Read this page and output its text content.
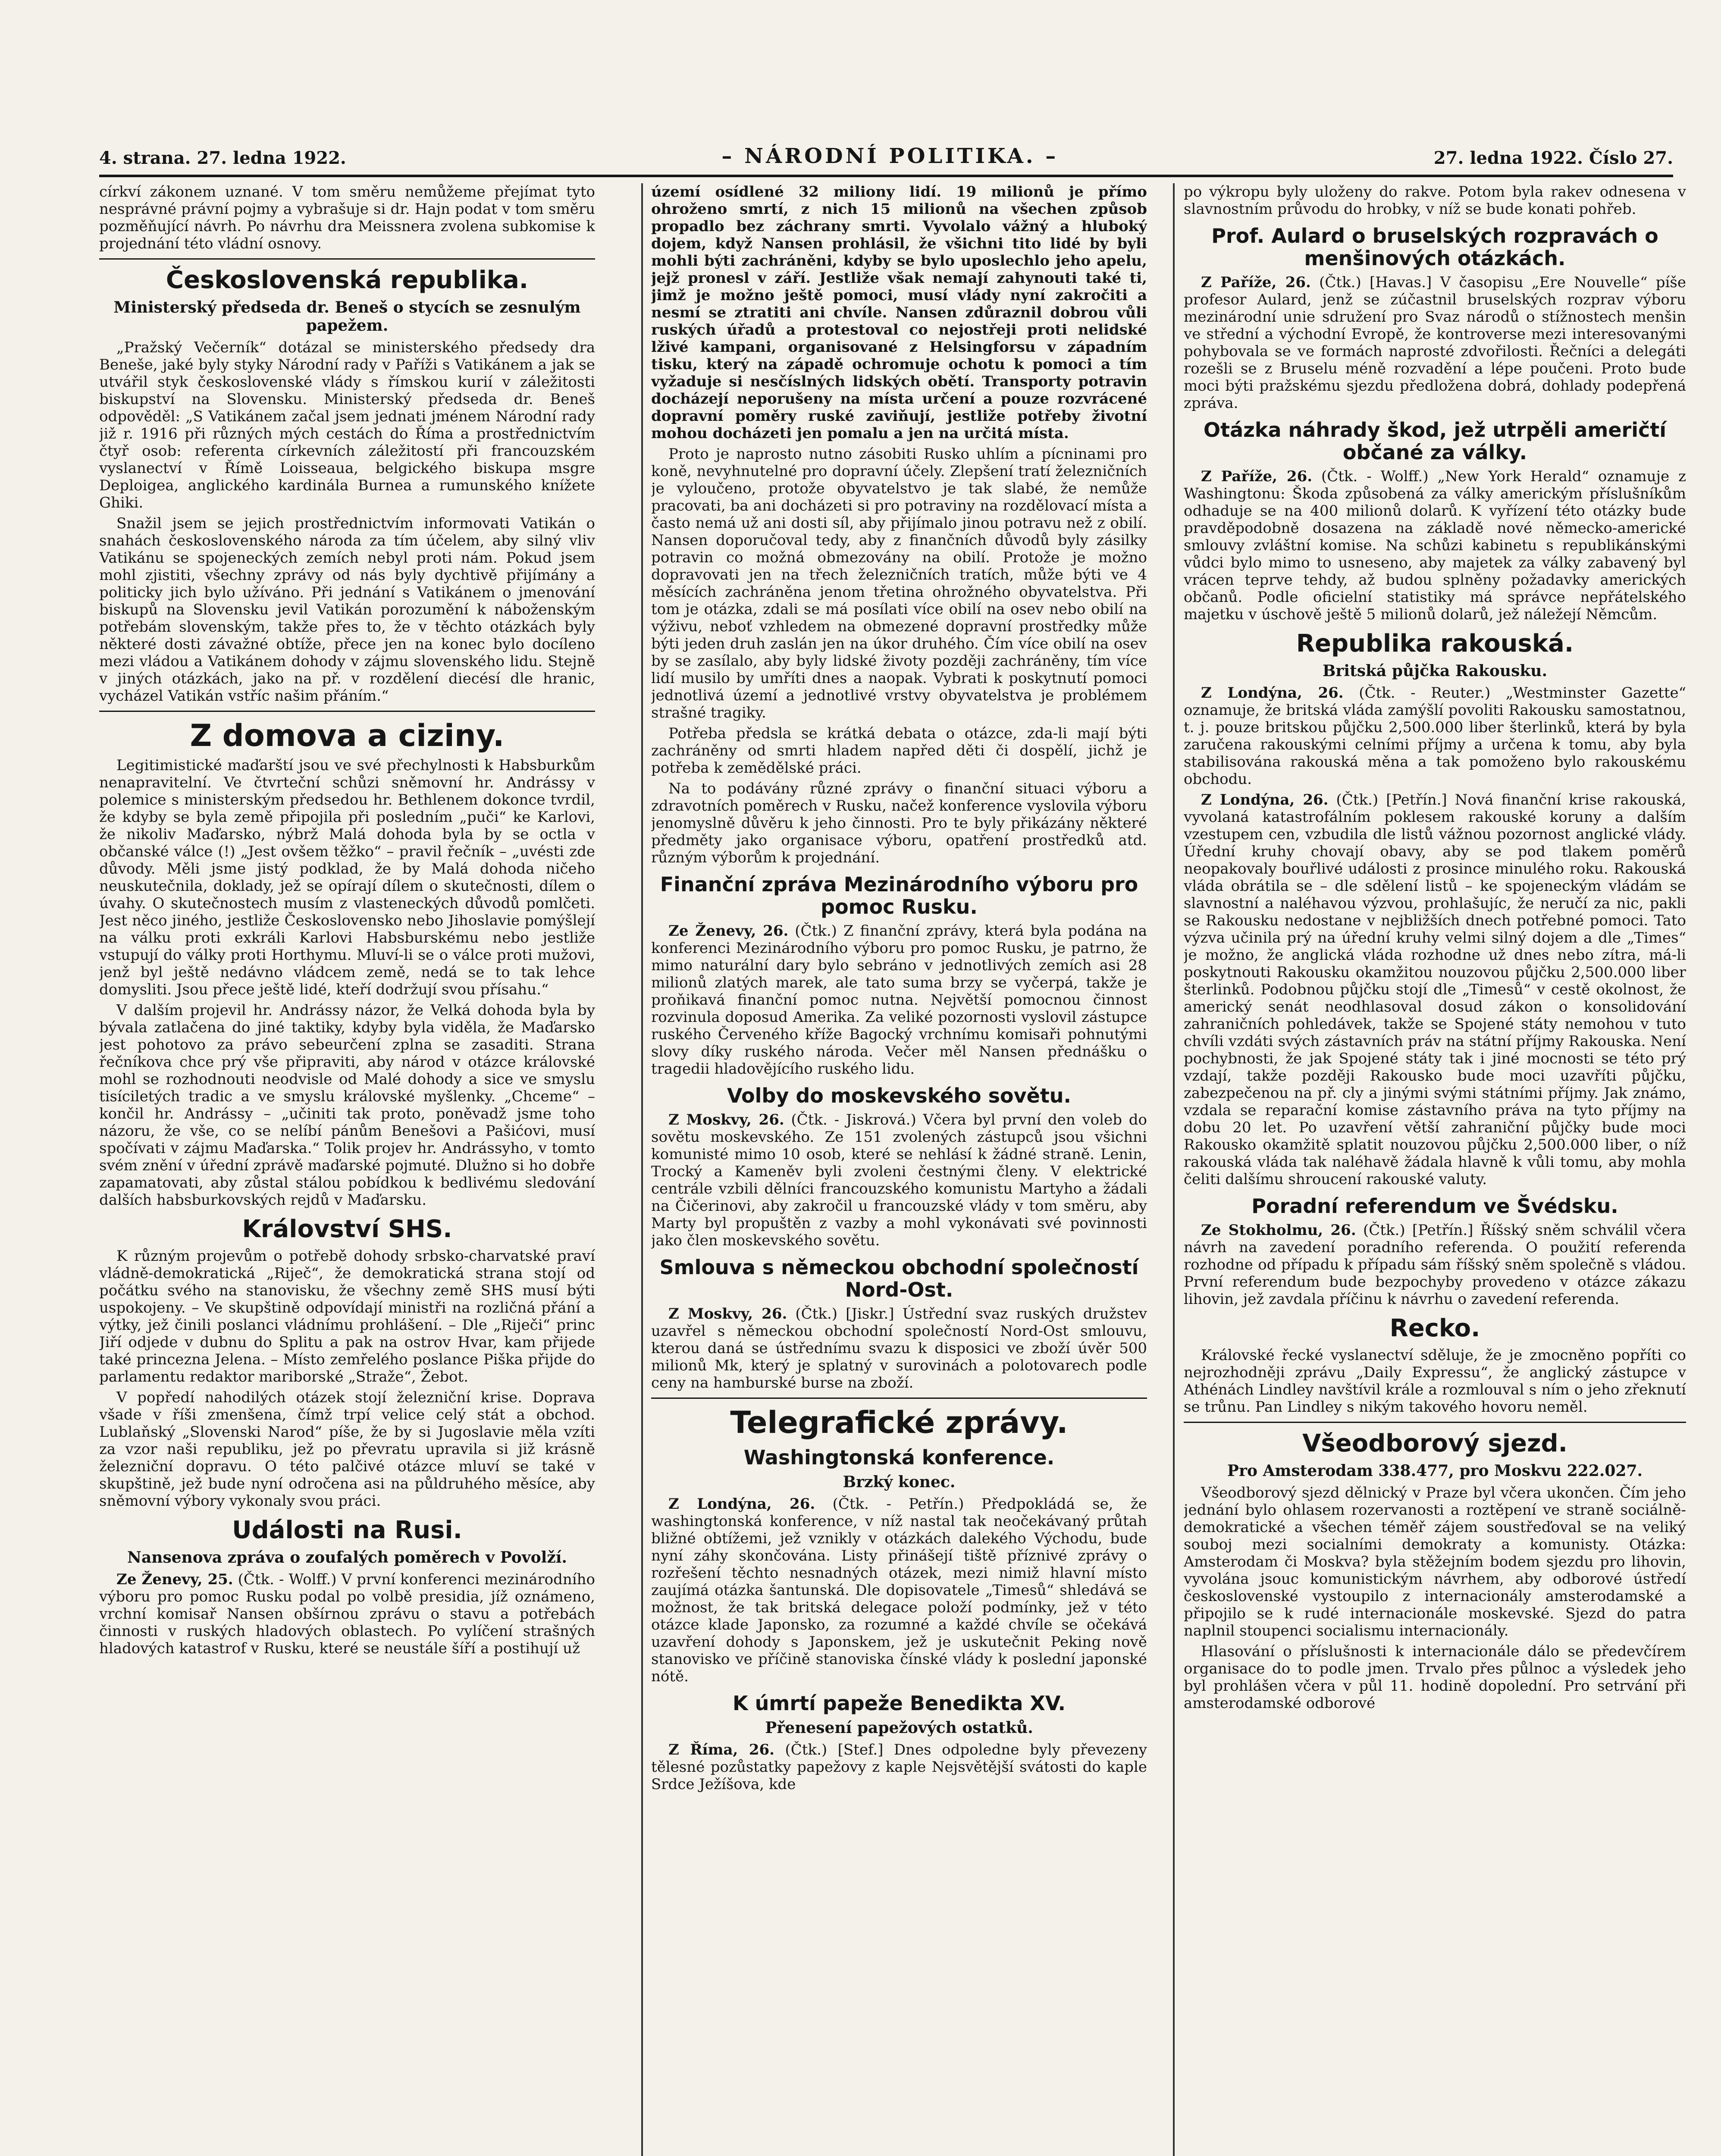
4. strana. 27. ledna 1922.	– NÁRODNÍ POLITIKA. –	27. ledna 1922. Číslo 27.

církví zákonem uznané. V tom směru nemůžeme přejímat tyto nesprávné právní pojmy a vybrašuje si dr. Hajn podat v tom směru pozměňující návrh. Po návrhu dra Meissnera zvolena subkomise k projednání této vládní osnovy.

Československá republika.
Ministerský předseda dr. Beneš o stycích se zesnulým papežem.

„Pražský Večerník“ dotázal se ministerského předsedy dra Beneše, jaké byly styky Národní rady v Paříži s Vatikánem a jak se utvářil styk československé vlády s římskou kurií v záležitosti biskupství na Slovensku. Ministerský předseda dr. Beneš odpověděl: „S Vatikánem začal jsem jednati jménem Národní rady již r. 1916 při různých mých cestách do Říma a prostřednictvím čtyř osob: referenta církevních záležitostí při francouzském vyslanectví v Římě Loisseaua, belgického biskupa msgre Deploigea, anglického kardinála Burnea a rumunského knížete Ghiki.

Snažil jsem se jejich prostřednictvím informovati Vatikán o snahách československého národa za tím účelem, aby silný vliv Vatikánu se spojeneckých zemích nebyl proti nám. Pokud jsem mohl zjistiti, všechny zprávy od nás byly dychtivě přijímány a politicky jich bylo užíváno. Při jednání s Vatikánem o jmenování biskupů na Slovensku jevil Vatikán porozumění k náboženským potřebám slovenským, takže přes to, že v těchto otázkách byly některé dosti závažné obtíže, přece jen na konec bylo docíleno mezi vládou a Vatikánem dohody v zájmu slovenského lidu. Stejně v jiných otázkách, jako na př. v rozdělení diecésí dle hranic, vycházel Vatikán vstříc našim přáním.“

Z domova a ciziny.

Legitimistické maďarští jsou ve své přechylnosti k Habsburkům nenapravitelní. Ve čtvrteční schůzi sněmovní hr. Andrássy v polemice s ministerským předsedou hr. Bethlenem dokonce tvrdil, že kdyby se byla země připojila při posledním „puči“ ke Karlovi, že nikoliv Maďarsko, nýbrž Malá dohoda byla by se octla v občanské válce (!) „Jest ovšem těžko“ – pravil řečník – „uvésti zde důvody. Měli jsme jistý podklad, že by Malá dohoda ničeho neuskutečnila, doklady, jež se opírají dílem o skutečnosti, dílem o úvahy. O skutečnostech musím z vlasteneckých důvodů pomlčeti. Jest něco jiného, jestliže Československo nebo Jihoslavie pomýšlejí na válku proti exkráli Karlovi Habsburskému nebo jestliže vstupují do války proti Horthymu. Mluví-li se o válce proti mužovi, jenž byl ještě nedávno vládcem země, nedá se to tak lehce domysliti. Jsou přece ještě lidé, kteří dodržují svou přísahu.“

V dalším projevil hr. Andrássy názor, že Velká dohoda byla by bývala zatlačena do jiné taktiky, kdyby byla viděla, že Maďarsko jest pohotovo za právo sebeurčení zplna se zasaditi. Strana řečníkova chce prý vše připraviti, aby národ v otázce královské mohl se rozhodnouti neodvisle od Malé dohody a sice ve smyslu tisíciletých tradic a ve smyslu královské myšlenky. „Chceme“ – končil hr. Andrássy – „učiniti tak proto, poněvadž jsme toho názoru, že vše, co se nelíbí pánům Benešovi a Pašićovi, musí spočívati v zájmu Maďarska.“ Tolik projev hr. Andrássyho, v tomto svém znění v úřední zprávě maďarské pojmuté. Dlužno si ho dobře zapamatovati, aby zůstal stálou pobídkou k bedlivému sledování dalších habsburkovských rejdů v Maďarsku.

Království SHS.

K různým projevům o potřebě dohody srbsko-charvatské praví vládně-demokratická „Riječ“, že demokratická strana stojí od počátku svého na stanovisku, že všechny země SHS musí býti uspokojeny. – Ve skupštině odpovídají ministři na rozličná přání a výtky, jež činili poslanci vládnímu prohlášení. – Dle „Riječi“ princ Jiří odjede v dubnu do Splitu a pak na ostrov Hvar, kam přijede také princezna Jelena. – Místo zemřelého poslance Piška přijde do parlamentu redaktor mariborské „Straže“, Žebot.

V popředí nahodilých otázek stojí železniční krise. Doprava všade v říši zmenšena, čímž trpí velice celý stát a obchod. Lublaňský „Slovenski Narod“ píše, že by si Jugoslavie měla vzíti za vzor naši republiku, jež po převratu upravila si již krásně železniční dopravu. O této palčivé otázce mluví se také v skupštině, jež bude nyní odročena asi na půldruhého měsíce, aby sněmovní výbory vykonaly svou práci.

Události na Rusi.
Nansenova zpráva o zoufalých poměrech v Povolží.

Ze Ženevy, 25. (Čtk. - Wolff.) V první konferenci mezinárodního výboru pro pomoc Rusku podal po volbě presidia, jíž oznámeno, vrchní komisař Nansen obšírnou zprávu o stavu a potřebách činnosti v ruských hladových oblastech. Po vylíčení strašných hladových katastrof v Rusku, které se neustále šíří a postihují už

území osídlené 32 miliony lidí. 19 milionů je přímo ohroženo smrtí, z nich 15 milionů na všechen způsob propadlo bez záchrany smrti. Vyvolalo vážný a hluboký dojem, když Nansen prohlásil, že všichni tito lidé by byli mohli býti zachráněni, kdyby se bylo uposlechlo jeho apelu, jejž pronesl v září. Jestliže však nemají zahynouti také ti, jimž je možno ještě pomoci, musí vlády nyní zakročiti a nesmí se ztratiti ani chvíle. Nansen zdůraznil dobrou vůli ruských úřadů a protestoval co nejostřeji proti nelidské lživé kampani, organisované z Helsingforsu v západním tisku, který na západě ochromuje ochotu k pomoci a tím vyžaduje si nesčíslných lidských obětí. Transporty potravin docházejí neporušeny na místa určení a pouze rozvrácené dopravní poměry ruské zaviňují, jestliže potřeby životní mohou docházeti jen pomalu a jen na určitá místa.

Proto je naprosto nutno zásobiti Rusko uhlím a pícninami pro koně, nevyhnutelné pro dopravní účely. Zlepšení tratí železničních je vyloučeno, protože obyvatelstvo je tak slabé, že nemůže pracovati, ba ani docházeti si pro potraviny na rozdělovací místa a často nemá už ani dosti síl, aby přijímalo jinou potravu než z obilí. Nansen doporučoval tedy, aby z finančních důvodů byly zásilky potravin co možná obmezovány na obilí. Protože je možno dopravovati jen na třech železničních tratích, může býti ve 4 měsících zachráněna jenom třetina ohrožného obyvatelstva. Při tom je otázka, zdali se má posílati více obilí na osev nebo obilí na výživu, neboť vzhledem na obmezené dopravní prostředky může býti jeden druh zaslán jen na úkor druhého. Čím více obilí na osev by se zasílalo, aby byly lidské životy později zachráněny, tím více lidí musilo by umříti dnes a naopak. Vybrati k poskytnutí pomoci jednotlivá území a jednotlivé vrstvy obyvatelstva je problémem strašné tragiky.

Potřeba předsla se krátká debata o otázce, zda-li mají býti zachráněny od smrti hladem napřed děti či dospělí, jichž je potřeba k zemědělské práci.

Na to podávány různé zprávy o finanční situaci výboru a zdravotních poměrech v Rusku, načež konference vyslovila výboru jenomyslně důvěru k jeho činnosti. Pro te byly přikázány některé předměty jako organisace výboru, opatření prostředků atd. různým výborům k projednání.

Finanční zpráva Mezinárodního výboru pro pomoc Rusku.

Ze Ženevy, 26. (Čtk.) Z finanční zprávy, která byla podána na konferenci Mezinárodního výboru pro pomoc Rusku, je patrno, že mimo naturální dary bylo sebráno v jednotlivých zemích asi 28 milionů zlatých marek, ale tato suma brzy se vyčerpá, takže je proňikavá finanční pomoc nutna. Největší pomocnou činnost rozvinula doposud Amerika. Za veliké pozornosti vyslovil zástupce ruského Červeného kříže Bagocký vrchnímu komisaři pohnutými slovy díky ruského národa. Večer měl Nansen přednášku o tragedii hladovějícího ruského lidu.

Volby do moskevského sovětu.

Z Moskvy, 26. (Čtk. - Jiskrová.) Včera byl první den voleb do sovětu moskevského. Ze 151 zvolených zástupců jsou všichni komunisté mimo 10 osob, které se nehlásí k žádné straně. Lenin, Trocký a Kameněv byli zvoleni čestnými členy. V elektrické centrále vzbili dělníci francouzského komunistu Martyho a žádali na Čičerinovi, aby zakročil u francouzské vlády v tom směru, aby Marty byl propuštěn z vazby a mohl vykonávati své povinnosti jako člen moskevského sovětu.

Smlouva s německou obchodní společností Nord-Ost.

Z Moskvy, 26. (Čtk.) [Jiskr.] Ústřední svaz ruských družstev uzavřel s německou obchodní společností Nord-Ost smlouvu, kterou daná se ústřednímu svazu k disposici ve zboží úvěr 500 milionů Mk, který je splatný v surovinách a polotovarech podle ceny na hamburské burse na zboží.

Telegrafické zprávy.
Washingtonská konference.
Brzký konec.

Z Londýna, 26. (Čtk. - Petřín.) Předpokládá se, že washingtonská konference, v níž nastal tak neočekávaný průtah bližné obtížemi, jež vznikly v otázkách dalekého Východu, bude nyní záhy skončována. Listy přinášejí tiště příznivé zprávy o rozřešení těchto nesnadných otázek, mezi nimiž hlavní místo zaujímá otázka šantunská. Dle dopisovatele „Timesů“ shledává se možnost, že tak britská delegace položí podmínky, jež v této otázce klade Japonsko, za rozumné a každé chvíle se očekává uzavření dohody s Japonskem, jež je uskutečnit Peking nově stanovisko ve příčině stanoviska čínské vlády k poslední japonské nótě.

K úmrtí papeže Benedikta XV.
Přenesení papežových ostatků.

Z Říma, 26. (Čtk.) [Stef.] Dnes odpoledne byly převezeny tělesné pozůstatky papežovy z kaple Nejsvětější svátosti do kaple Srdce Ježíšova, kde

po výkropu byly uloženy do rakve. Potom byla rakev odnesena v slavnostním průvodu do hrobky, v níž se bude konati pohřeb.

Prof. Aulard o bruselských rozpravách o menšinových otázkách.

Z Paříže, 26. (Čtk.) [Havas.] V časopisu „Ere Nouvelle“ píše profesor Aulard, jenž se zúčastnil bruselských rozprav výboru mezinárodní unie sdružení pro Svaz národů o stížnostech menšin ve střední a východní Evropě, že kontroverse mezi interesovanými pohybovala se ve formách naprosté zdvořilosti. Řečníci a delegáti rozešli se z Bruselu méně rozvadění a lépe poučeni. Proto bude moci býti pražskému sjezdu předložena dobrá, dohlady podepřená zpráva.

Otázka náhrady škod, jež utrpěli američtí občané za války.

Z Paříže, 26. (Čtk. - Wolff.) „New York Herald“ oznamuje z Washingtonu: Škoda způsobená za války americkým příslušníkům odhaduje se na 400 milionů dolarů. K vyřízení této otázky bude pravděpodobně dosazena na základě nové německo-americké smlouvy zvláštní komise. Na schůzi kabinetu s republikánskými vůdci bylo mimo to usneseno, aby majetek za války zabavený byl vrácen teprve tehdy, až budou splněny požadavky amerických občanů. Podle oficielní statistiky má správce nepřátelského majetku v úschově ještě 5 milionů dolarů, jež náležejí Němcům.

Republika rakouská.
Britská půjčka Rakousku.

Z Londýna, 26. (Čtk. - Reuter.) „Westminster Gazette“ oznamuje, že britská vláda zamýšlí povoliti Rakousku samostatnou, t. j. pouze britskou půjčku 2,500.000 liber šterlinků, která by byla zaručena rakouskými celními příjmy a určena k tomu, aby byla stabilisována rakouská měna a tak pomoženo bylo rakouskému obchodu.

Z Londýna, 26. (Čtk.) [Petřín.] Nová finanční krise rakouská, vyvolaná katastrofálním poklesem rakouské koruny a dalším vzestupem cen, vzbudila dle listů vážnou pozornost anglické vlády. Úřední kruhy chovají obavy, aby se pod tlakem poměrů neopakovaly bouřlivé události z prosince minulého roku. Rakouská vláda obrátila se – dle sdělení listů – ke spojeneckým vládám se slavnostní a naléhavou výzvou, prohlašujíc, že neručí za nic, pakli se Rakousku nedostane v nejbližších dnech potřebné pomoci. Tato výzva učinila prý na úřední kruhy velmi silný dojem a dle „Times“ je možno, že anglická vláda rozhodne už dnes nebo zítra, má-li poskytnouti Rakousku okamžitou nouzovou půjčku 2,500.000 liber šterlinků. Podobnou půjčku stojí dle „Timesů“ v cestě okolnost, že americký senát neodhlasoval dosud zákon o konsolidování zahraničních pohledávek, takže se Spojené státy nemohou v tuto chvíli vzdáti svých zástavních práv na státní příjmy Rakouska. Není pochybnosti, že jak Spojené státy tak i jiné mocnosti se této prý vzdají, takže později Rakousko bude moci uzavříti půjčku, zabezpečenou na př. cly a jinými svými státními příjmy. Jak známo, vzdala se reparační komise zástavního práva na tyto příjmy na dobu 20 let. Po uzavření větší zahraniční půjčky bude moci Rakousko okamžitě splatit nouzovou půjčku 2,500.000 liber, o níž rakouská vláda tak naléhavě žádala hlavně k vůli tomu, aby mohla čeliti dalšímu shroucení rakouské valuty.

Poradní referendum ve Švédsku.

Ze Stokholmu, 26. (Čtk.) [Petřín.] Říšský sněm schválil včera návrh na zavedení poradního referenda. O použití referenda rozhodne od případu k případu sám říšský sněm společně s vládou. První referendum bude bezpochyby provedeno v otázce zákazu lihovin, jež zavdala příčinu k návrhu o zavedení referenda.

Recko.

Královské řecké vyslanectví sděluje, že je zmocněno popříti co nejrozhodněji zprávu „Daily Expressu“, že anglický zástupce v Athénách Lindley navštívil krále a rozmlouval s ním o jeho zřeknutí se trůnu. Pan Lindley s nikým takového hovoru neměl.

Všeodborový sjezd.
Pro Amsterodam 338.477, pro Moskvu 222.027.

Všeodborový sjezd dělnický v Praze byl včera ukončen. Čím jeho jednání bylo ohlasem rozervanosti a roztěpení ve straně sociálně-demokratické a všechen téměř zájem soustřeďoval se na veliký souboj mezi socialními demokraty a komunisty. Otázka: Amsterodam či Moskva? byla stěžejním bodem sjezdu pro lihovin, vyvolána jsouc komunistickým návrhem, aby odborové ústředí československé vystoupilo z internacionály amsterodamské a připojilo se k rudé internacionále moskevské. Sjezd do patra naplnil stoupenci socialismu internacionály.

Hlasování o příslušnosti k internacionále dálo se předevčírem organisace do to podle jmen. Trvalo přes půlnoc a výsledek jeho byl prohlášen včera v půl 11. hodině dopolední. Pro setrvání při amsterodamské odborové
